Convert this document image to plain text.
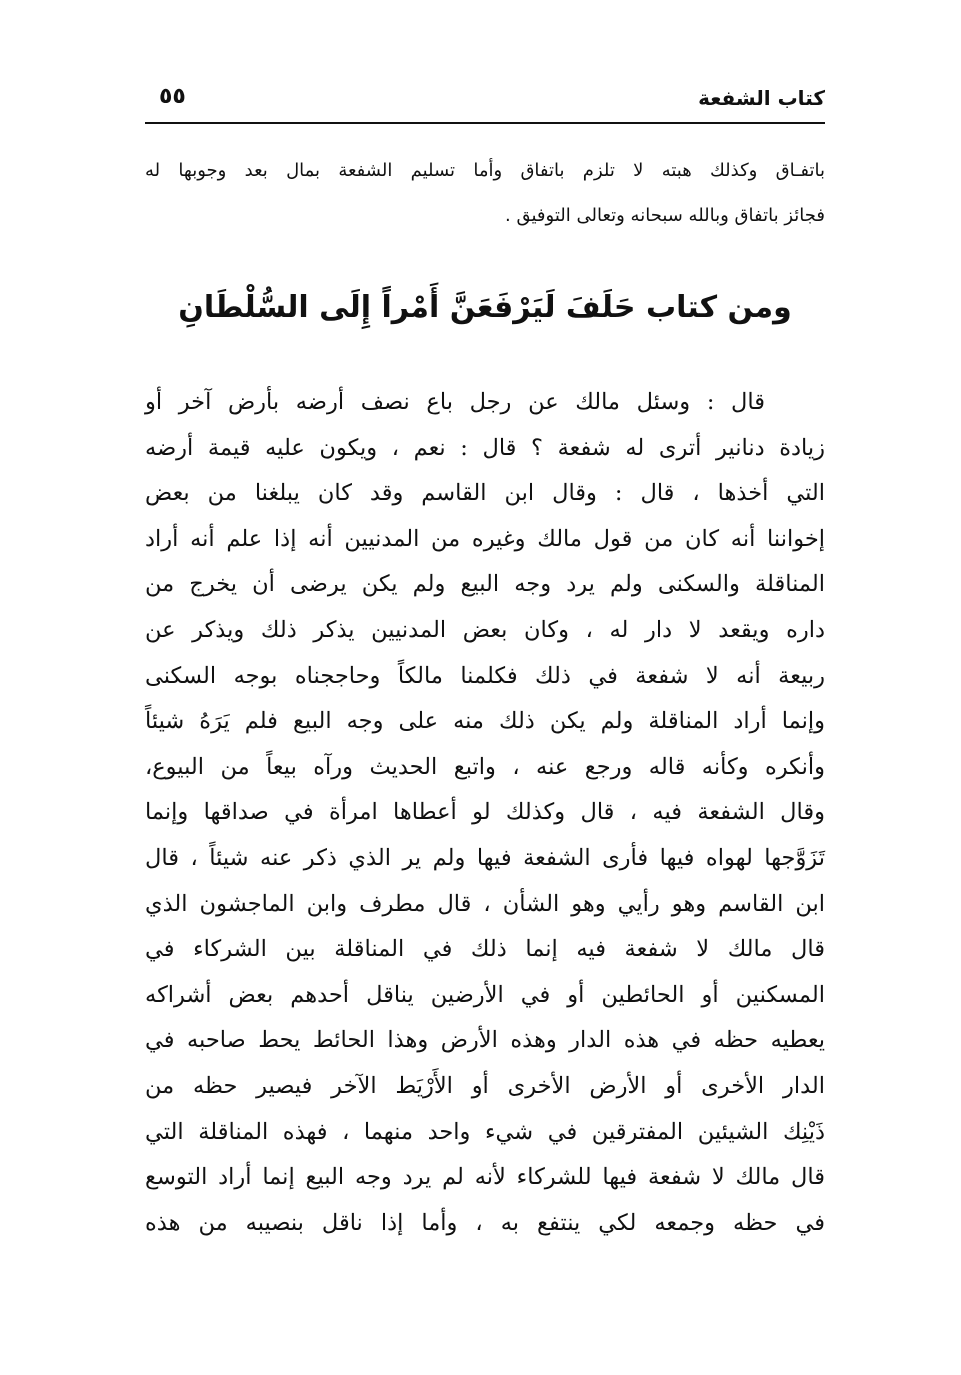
كتاب الشفعة
٥٥
باتفـاق وكذلك هبته لا تلزم باتفاق وأما تسليم الشفعة بمال بعد وجوبها له
فجائز باتفاق وبالله سبحانه وتعالى التوفيق .
ومن كتاب حَلَفَ لَيَرْفَعَنَّ أَمْراً إِلَى السُّلْطَانِ
قال : وسئل مالك عن رجل باع نصف أرضه بأرض آخر أو
زيادة دنانير أترى له شفعة ؟ قال : نعم ، ويكون عليه قيمة أرضه
التي أخذها ، قال : وقال ابن القاسم وقد كان يبلغنا من بعض
إخواننا أنه كان من قول مالك وغيره من المدنيين أنه إذا علم أنه أراد
المناقلة والسكنى ولم يرد وجه البيع ولم يكن يرضى أن يخرج من
داره ويقعد لا دار له ، وكان بعض المدنيين يذكر ذلك ويذكر عن
ربيعة أنه لا شفعة في ذلك فكلمنا مالكاً وحاججناه بوجه السكنى
وإنما أراد المناقلة ولم يكن ذلك منه على وجه البيع فلم يَرَهُ شيئاً
وأنكره وكأنه قاله ورجع عنه ، واتبع الحديث ورآه بيعاً من البيوع،
وقال الشفعة فيه ، قال وكذلك لو أعطاها امرأة في صداقها وإنما
تَزَوَّجها لهواه فيها فأرى الشفعة فيها ولم ير الذي ذكر عنه شيئاً ، قال
ابن القاسم وهو رأيي وهو الشأن ، قال مطرف وابن الماجشون الذي
قال مالك لا شفعة فيه إنما ذلك في المناقلة بين الشركاء في
المسكنين أو الحائطين أو في الأرضين يناقل أحدهم بعض أشراكه
يعطيه حظه في هذه الدار وهذه الأرض وهذا الحائط يحط صاحبه في
الدار الأخرى أو الأرض الأخرى أو الأَرْيَط الآخر فيصير حظه من
ذَيْنِك الشيئين المفترقين في شيء واحد منهما ، فهذه المناقلة التي
قال مالك لا شفعة فيها للشركاء لأنه لم يرد وجه البيع إنما أراد التوسع
في حظه وجمعه لكي ينتفع به ، وأما إذا ناقل بنصيبه من هذه
